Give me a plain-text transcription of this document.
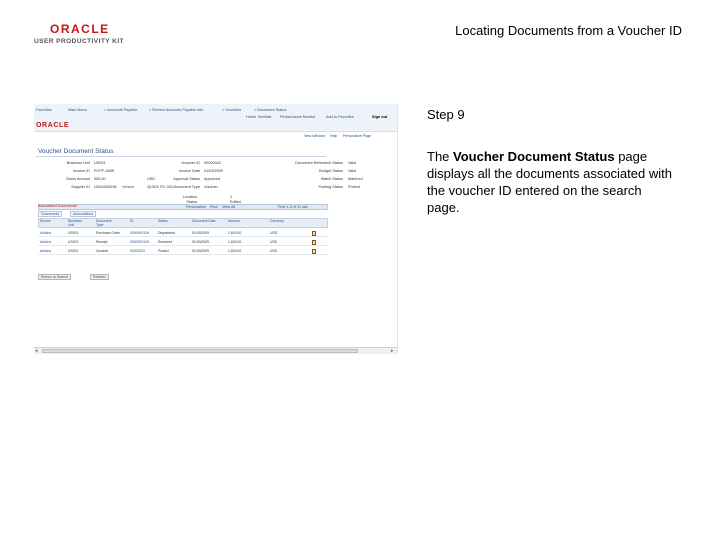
ORACLE
USER PRODUCTIVITY KIT
Locating Documents from a Voucher ID
Step 9
The Voucher Document Status page displays all the documents associated with the voucher ID entered on the search page.
Favorites	Main Menu	> Accounts Payable	> Review Accounts Payable Info	> Vouchers	> Document Status
ORACLE
Home Worklist Performance Monitor	Add to Favorites	Sign out
New Window Help Personalize Page
Voucher Document Status
Business Unit US001
Invoice ID PCPF-3489
Gross Amount 950.00	USD
Supplier ID USA0000036 Vehicle	QUICK PC-001
Location	1
Voucher ID 00000322
Invoice Date 01/03/2009
Approval Status Approved
Document Type Voucher
Status	Edited
Document Reference Status Valid
Budget Status Valid
Match Status Matched
Posting Status Posted
Associated Documents	Personalize Find View All	First 1-3 of 3 Last
Documents	Associations
Source	Business Unit
Document Type
ID	Status	Document Date	Amount	Currency
Actions	US001	Purchase Order	0000000126	Dispatched	01/03/2009	1,620.00	USD
Actions	US001	Receipt	0000000126	Received	01/03/2009	1,620.00	USD
Actions	US001	Voucher	00000322	Posted	01/03/2009	1,620.00	USD
Return to Search	Refresh
◂	▸
